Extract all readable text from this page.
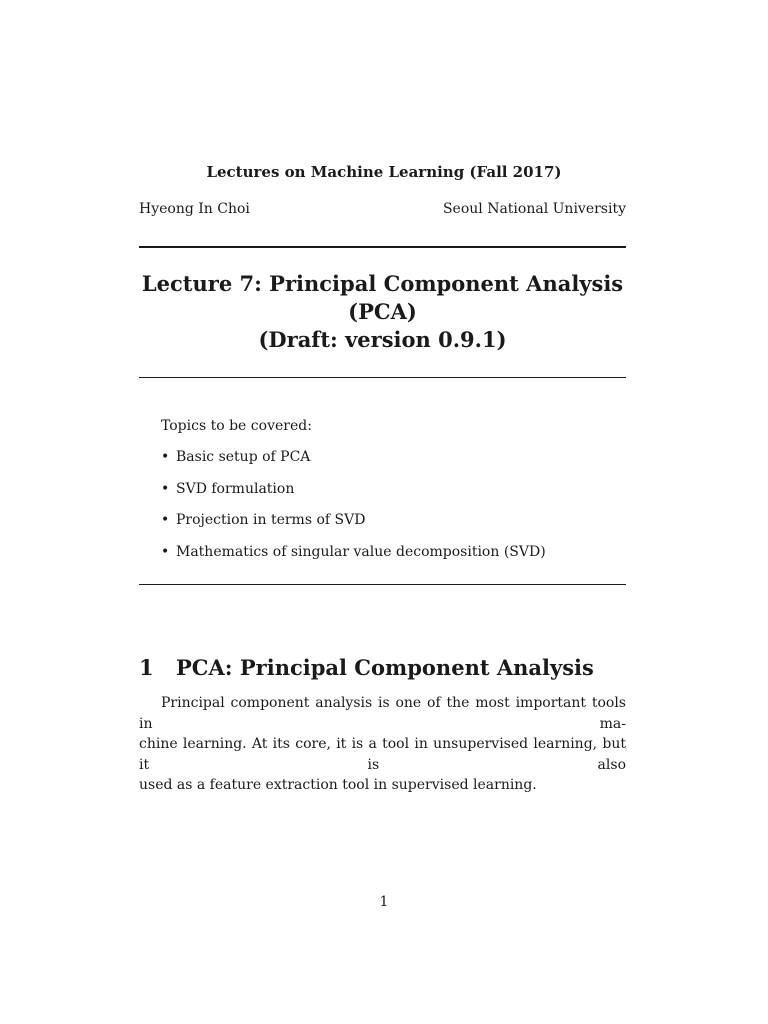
Lectures on Machine Learning (Fall 2017)
Hyeong In Choi	Seoul National University
Lecture 7: Principal Component Analysis
(PCA)
(Draft: version 0.9.1)
Topics to be covered:
• Basic setup of PCA
• SVD formulation
• Projection in terms of SVD
• Mathematics of singular value decomposition (SVD)
1 PCA: Principal Component Analysis
Principal component analysis is one of the most important tools in ma-
chine learning. At its core, it is a tool in unsupervised learning, but it is also
used as a feature extraction tool in supervised learning.
1
